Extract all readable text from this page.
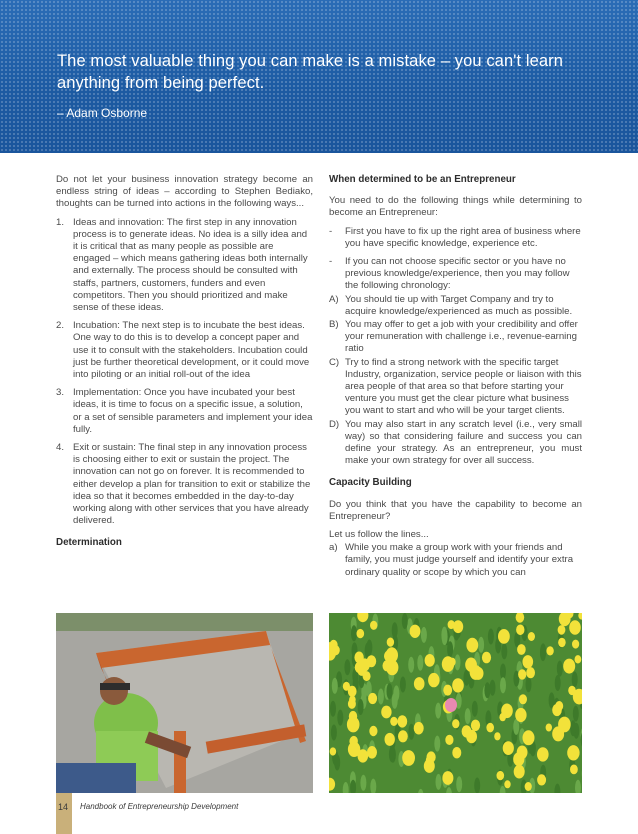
The most valuable thing you can make is a mistake – you can't learn anything from being perfect.
– Adam Osborne

Do not let your business innovation strategy become an endless string of ideas – according to Stephen Bediako, thoughts can be turned into actions in the following ways...

1. Ideas and innovation: The first step in any innovation process is to generate ideas. No idea is a silly idea and it is critical that as many people as possible are engaged – which means gathering ideas both internally and externally. The process should be consulted with staffs, partners, customers, funders and even competitors. Then you should prioritized and make sense of these ideas.
2. Incubation: The next step is to incubate the best ideas. One way to do this is to develop a concept paper and use it to consult with the stakeholders. Incubation could just be further theoretical development, or it could move into piloting or an initial roll-out of the idea
3. Implementation: Once you have incubated your best ideas, it is time to focus on a specific issue, a solution, or a set of sensible parameters and implement your idea fully.
4. Exit or sustain: The final step in any innovation process is choosing either to exit or sustain the project. The innovation can not go on forever. It is recommended to either develop a plan for transition to exit or stabilize the idea so that it becomes embedded in the day-to-day working along with other services that you have already delivered.
Determination
When determined to be an Entrepreneur

You need to do the following things while determining to become an Entrepreneur:

-	First you have to fix up the right area of business where you have specific knowledge, experience etc.
-	If you can not choose specific sector or you have no previous knowledge/experience, then you may follow the following chronology:
A) You should tie up with Target Company and try to acquire knowledge/experienced as much as possible.
B) You may offer to get a job with your credibility and offer your remuneration with challenge i.e., revenue-earning ratio
C) Try to find a strong network with the specific target Industry, organization, service people or liaison with this area people of that area so that before starting your venture you must get the clear picture what business you want to start and who will be your target clients.
D) You may also start in any scratch level (i.e., very small way) so that considering failure and success you can define your strategy. As an entrepreneur, you must make your own strategy for over all success.
Capacity Building

Do you think that you have the capability to become an Entrepreneur?

Let us follow the lines...

a) While you make a group work with your friends and family, you must judge yourself and identify your extra ordinary quality or scope by which you can
14 Handbook of Entrepreneurship Development
